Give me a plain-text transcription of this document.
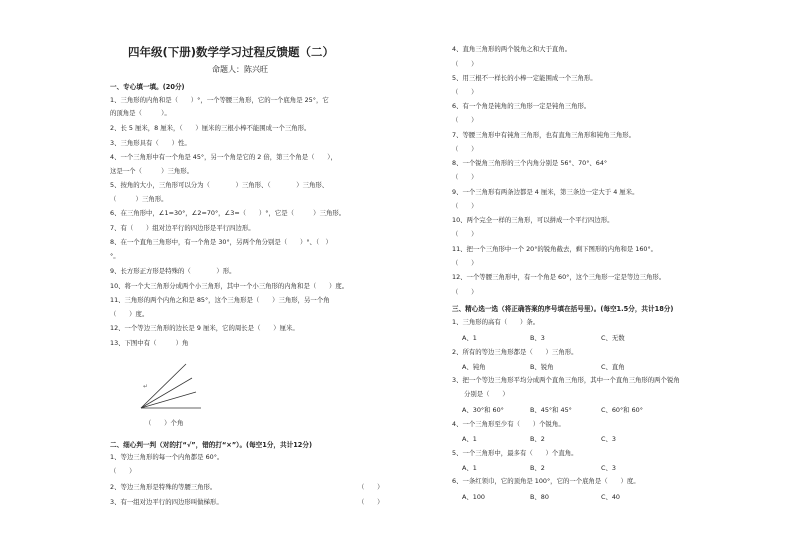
四年级(下册)数学学习过程反馈题（二）
命题人：陈兴旺
一、专心填一填。(20分)
1、三角形的内角和是（　　）°，一个等腰三角形，它的一个底角是 25°，它
的顶角是（　　　）。
2、长 5 厘米，8 厘米，（　　）厘米的三根小棒不能围成一个三角形。
3、三角形具有（　　）性。
4、一个三角形中有一个角是 45°，另一个角是它的 2 倍，第三个角是（　　），
这是一个（　　　）三角形。
5、按角的大小，三角形可以分为（　　　　）三角形、（　　　　）三角形、
（　　　）三角形。
6、在三角形中，∠1=30°，∠2=70°，∠3=（　　）°，它是（　　　）三角形。
7、有（　　）组对边平行的四边形是平行四边形。
8、在一个直角三角形中，有一个角是 30°，另两个角分别是（　　）°、（　）
°。
9、长方形正方形是特殊的（　　　　）形。
10、将一个大三角形分成两个小三角形，其中一个小三角形的内角和是（　　）度。
11、三角形的两个内角之和是 85°，这个三角形是（　　）三角形，另一个角
（　　）度。
12、一个等边三角形的边长是 9 厘米，它的周长是（　　）厘米。
13、下图中有（　　　）角
↵
（　　）个角
二、细心判一判（对的打“√”，错的打“×”）。(每空1分，共计12分)
1、等边三角形的每一个内角都是 60°。
（　　）
2、等边三角形是特殊的等腰三角形。	（　　）
3、有一组对边平行的四边形叫做梯形。	（　　）
4、直角三角形的两个锐角之和大于直角。
（　　）
5、用三根不一样长的小棒一定能围成一个三角形。
（　　）
6、有一个角是钝角的三角形一定是钝角三角形。
（　　）
7、等腰三角形中有钝角三角形，也有直角三角形和钝角三角形。
（　　）
8、一个锐角三角形的三个内角分别是 56°、70°、64°
（　　）
9、一个三角形有两条边都是 4 厘米，第三条边一定大于 4 厘米。
（　　）
10、两个完全一样的三角形，可以拼成一个平行四边形。
（　　）
11、把一个三角形中一个 20°的锐角截去，剩下图形的内角和是 160°。
（　　）
12、一个等腰三角形中，有一个角是 60°，这个三角形一定是等边三角形。
（　　）
三、精心选一选（将正确答案的序号填在括号里）。(每空1.5分，共计18分)
1、三角形的高有（　　）条。
A、1	B、3	C、无数
2、所有的等边三角形都是（　　）三角形。
A、钝角	B、锐角	C、直角
3、把一个等边三角形平均分成两个直角三角形，其中一个直角三角形的两个锐角
分别是（　　）
A、30°和 60°	B、45°和 45°	C、60°和 60°
4、一个三角形至少有（　　）个锐角。
A、1	B、2	C、3
5、一个三角形中，最多有（　　）个直角。
A、1	B、2	C、3
6、一条红领巾，它的顶角是 100°，它的一个底角是（　　）度。
A、100	B、80	C、40
